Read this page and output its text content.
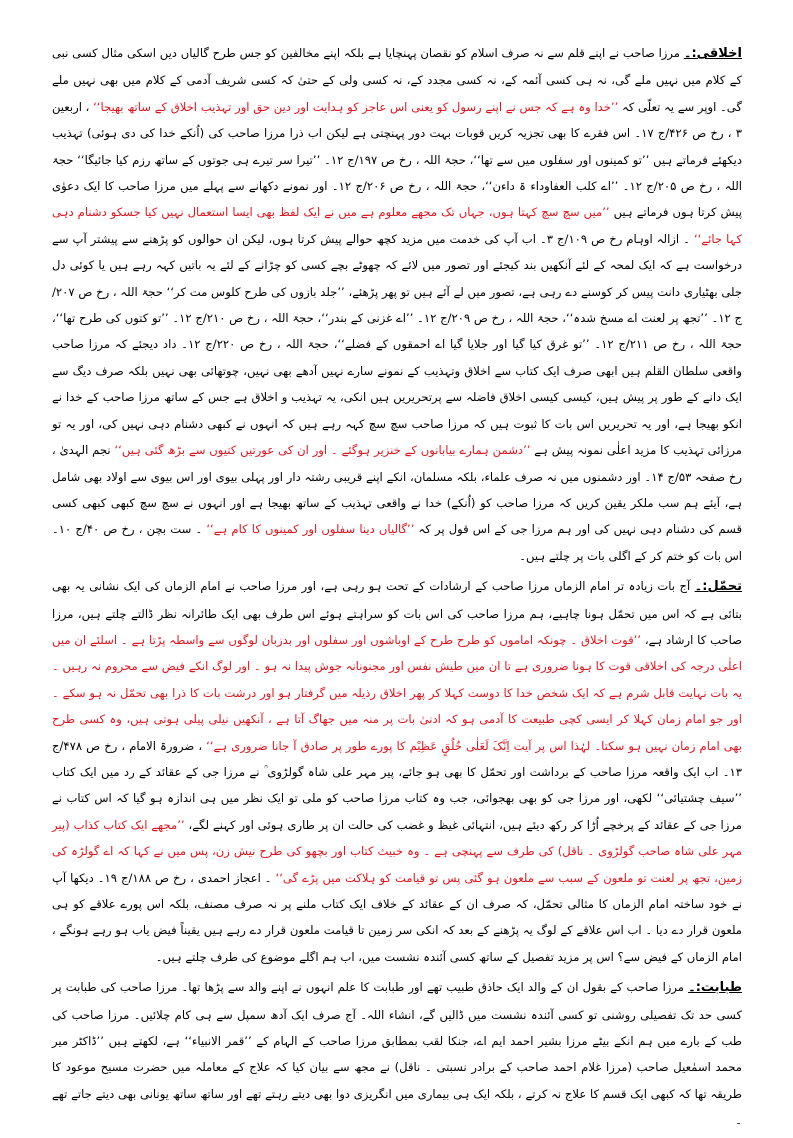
اخلاقی:۔ مرزا صاحب نے اپنے قلم سے نہ صرف اسلام کو نقصان پہنچایا ہے بلکہ اپنے مخالفین کو جس طرح گالیاں دیں اسکی مثال کسی نبی کے کلام میں نہیں ملے گی، نہ ہی کسی آئمہ کے، نہ کسی مجدد کے، نہ کسی ولی کے حتیٰ کہ کسی شریف آدمی کے کلام میں بھی نہیں ملے گی۔ اوپر سے یہ تعلّی کہ ’’خدا وہ ہے کہ جس نے اپنے رسول کو یعنی اس عاجز کو ہدایت اور دین حق اور تہذیب اخلاق کے ساتھ بھیجا‘‘ ، اربعین ۳ ، رخ ص ۴۲۶/ج ۱۷۔ اس فقرے کا بھی تجزیہ کریں قوبات بہت دور پہنچتی ہے لیکن اب ذرا مرزا صاحب کی (اُنکے خدا کی دی ہوئی) تہذیب دیکھئے فرماتے ہیں ’’تو کمینوں اور سفلوں میں سے تھا‘‘، حجۃ اللہ ، رخ ص ۱۹۷/ج ۱۲۔ ’’تیرا سر تیرے ہی جوتوں کے ساتھ رزم کیا جائیگا‘‘ حجۃ اللہ ، رخ ص ۲۰۵/ج ۱۲۔ ’’اے کلب العفاوداء ۃ داءن‘‘، حجۃ اللہ ، رخ ص ۲۰۶/ج ۱۲۔ اور نمونے دکھانے سے پہلے میں مرزا صاحب کا ایک دعوٰی پیش کرتا ہوں فرماتے ہیں ’’میں سچ سچ کہتا ہوں، جہاں تک مجھے معلوم ہے میں نے ایک لفظ بھی ایسا استعمال نہیں کیا جسکو دشنام دہی کہا جائے‘‘ ۔ ازالہ اوہام رخ ص ۱۰۹/ج ۳۔ اب آپ کی خدمت میں مزید کچھ حوالے پیش کرتا ہوں، لیکن ان حوالوں کو پڑھنے سے پیشتر آپ سے درخواست ہے کہ ایک لمحہ کے لئے آنکھیں بند کیجئے اور تصور میں لائے کہ چھوٹے بچے کسی کو چڑانے کے لئے یہ باتیں کہہ رہے ہیں یا کوئی دل جلی بھٹیاری دانت پیس کر کوسنے دے رہی ہے، تصور میں لے آئے ہیں تو پھر پڑھئے، ’’جلد بازوں کی طرح کلوس مت کر‘‘ حجۃ اللہ ، رخ ص ۲۰۷/ج ۱۲۔ ’’تجھ پر لعنت اے مسخ شدہ‘‘، حجۃ اللہ ، رخ ص ۲۰۹/ج ۱۲۔ ’’اے غزنی کے بندر‘‘، حجۃ اللہ ، رخ ص ۲۱۰/ج ۱۲۔ ’’تو کتوں کی طرح تھا‘‘، حجۃ اللہ ، رخ ص ۲۱۱/ج ۱۲۔ ’’تو غرق کیا گیا اور جلایا گیا اے احمقوں کے فضلے‘‘، حجۃ اللہ ، رخ ص ۲۲۰/ج ۱۲۔ داد دیجئے کہ مرزا صاحب واقعی سلطان القلم ہیں ابھی صرف ایک کتاب سے اخلاق وتہذیب کے نمونے سارے نہیں آدھے بھی نہیں، چوتھائی بھی نہیں بلکہ صرف دیگ سے ایک دانے کے طور پر پیش ہیں، کیسی کیسی اخلاق فاضلہ سے پرتحریریں ہیں انکی، یہ تہذیب و اخلاق ہے جس کے ساتھ مرزا صاحب کے خدا نے انکو بھیجا ہے، اور یہ تحریریں اس بات کا ثبوت ہیں کہ مرزا صاحب سچ سچ کہہ رہے ہیں کہ انہوں نے کبھی دشنام دہی نہیں کی، اور یہ تو مرزائی تہذیب کا مزید اعلٰی نمونہ پیش ہے ’’دشمن ہمارے بیابانوں کے خنزیر ہوگئے ۔ اور ان کی عورتیں کتیوں سے بڑھ گئی ہیں‘‘ نجم الہدیٰ ، رخ صفحہ ۵۳/ج ۱۴۔ اور دشمنوں میں نہ صرف علماء، بلکہ مسلمان، انکے اپنے قریبی رشتہ دار اور پہلی بیوی اور اس بیوی سے اولاد بھی شامل ہے، آیئے ہم سب ملکر یقین کریں کہ مرزا صاحب کو (اُنکے) خدا نے واقعی تہذیب کے ساتھ بھیجا ہے اور انہوں نے سچ سچ کبھی کبھی کسی قسم کی دشنام دہی نہیں کی اور ہم مرزا جی کے اس قول پر کہ ’’گالیاں دینا سفلوں اور کمینوں کا کام ہے‘‘ ۔ ست بچن ، رخ ص ۴۰/ج ۱۰۔ اس بات کو ختم کر کے اگلی بات پر چلتے ہیں۔

تحمّل:۔ آج بات زیادہ تر امام الزماں مرزا صاحب کے ارشادات کے تحت ہو رہی ہے، اور مرزا صاحب نے امام الزماں کی ایک نشانی یہ بھی بتائی ہے کہ اس میں تحمّل ہونا چاہیے، ہم مرزا صاحب کی اس بات کو سراہتے ہوئے اس طرف بھی ایک طائرانہ نظر ڈالتے چلتے ہیں، مرزا صاحب کا ارشاد ہے، ’’قوت اخلاق ۔ چونکہ اماموں کو طرح طرح کے اوباشوں اور سفلوں اور بدزبان لوگوں سے واسطہ پڑتا ہے ۔ اسلئے ان میں اعلٰی درجہ کی اخلاقی قوت کا ہونا ضروری ہے تا ان میں طیش نفس اور مجنونانہ جوش پیدا نہ ہو ۔ اور لوگ انکے فیض سے محروم نہ رہیں ۔ یہ بات نہایت قابل شرم ہے کہ ایک شخص خدا کا دوست کہلا کر پھر اخلاق رذیلہ میں گرفتار ہو اور درشت بات کا ذرا بھی تحمّل نہ ہو سکے ۔ اور جو امام زمان کہلا کر ایسی کچی طبیعت کا آدمی ہو کہ ادنیٰ بات پر منہ میں جھاگ آتا ہے ، آنکھیں نیلی پیلی ہوتی ہیں، وہ کسی طرح بھی امام زمان نہیں ہو سکتا۔ لہٰذا اس پر آیت اِنَّکَ لَعَلٰی خُلُقٍ عَظِیْم کا پورے طور پر صادق آ جانا ضروری ہے‘‘ ، ضرورۃ الامام ، رخ ص ۴۷۸/ج ۱۳۔ اب ایک واقعہ مرزا صاحب کے برداشت اور تحمّل کا بھی ہو جائے، پیر مہر علی شاہ گولڑوی ؒ نے مرزا جی کے عقائد کے رد میں ایک کتاب ’’سیف چشتیائی‘‘ لکھی، اور مرزا جی کو بھی بھجوائی، جب وہ کتاب مرزا صاحب کو ملی تو ایک نظر میں ہی اندازہ ہو گیا کہ اس کتاب نے مرزا جی کے عقائد کے پرخچے اُڑا کر رکھ دیئے ہیں، انتہائی غیظ و غضب کی حالت ان پر طاری ہوئی اور کہنے لگے، ’’مجھے ایک کتاب کذاب (پیر مہر علی شاہ صاحب گولڑوی ۔ ناقل) کی طرف سے پہنچی ہے ۔ وہ خبیث کتاب اور بچھو کی طرح نیش زن، پس میں نے کہا کہ اے گولڑہ کی زمین، تجھ پر لعنت تو ملعون کے سبب سے ملعون ہو گئی پس تو قیامت کو ہلاکت میں پڑے گی‘‘ ۔ اعجاز احمدی ، رخ ص ۱۸۸/ج ۱۹۔ دیکھا آپ نے خود ساختہ امام الزماں کا مثالی تحمّل، کہ صرف ان کے عقائد کے خلاف ایک کتاب ملنے پر نہ صرف مصنف، بلکہ اس پورے علاقے کو ہی ملعون قرار دے دیا ۔ اب اس علاقے کے لوگ یہ پڑھنے کے بعد کہ انکی سر زمین تا قیامت ملعون قرار دے رہے ہیں یقیناً فیض یاب ہو رہے ہونگے ، امام الزماں کے فیض سے؟ اس پر مزید تفصیل کے ساتھ کسی آئندہ نشست میں، اب ہم اگلے موضوع کی طرف چلتے ہیں۔

طبابت:۔ مرزا صاحب کے بقول ان کے والد ایک حاذق طبیب تھے اور طبابت کا علم انہوں نے اپنے والد سے پڑھا تھا۔ مرزا صاحب کی طبابت پر کسی حد تک تفصیلی روشنی تو کسی آئندہ نشست میں ڈالیں گے، انشاء اللہ۔ آج صرف ایک آدھ سمپل سے ہی کام چلائیں۔ مرزا صاحب کی طب کے بارے میں ہم انکے بیٹے مرزا بشیر احمد ایم اے، جنکا لقب بمطابق مرزا صاحب کے الہام کے ’’قمر الانبیاء‘‘ ہے، لکھتے ہیں ’’ڈاکٹر میر محمد اسمٰعیل صاحب (مرزا غلام احمد صاحب کے برادر نسبتی ۔ ناقل) نے مجھ سے بیان کیا کہ علاج کے معاملہ میں حضرت مسیح موعود کا طریقہ تھا کہ کبھی ایک قسم کا علاج نہ کرتے ، بلکہ ایک ہی بیماری میں انگریزی دوا بھی دیتے رہتے تھے اور ساتھ ساتھ یونانی بھی دیتے جاتے تھے ۔
